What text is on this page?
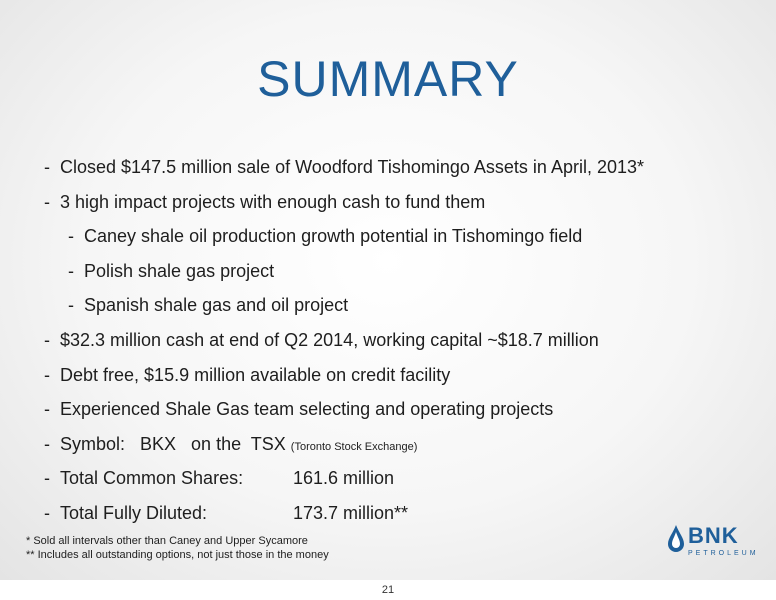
SUMMARY
- Closed $147.5 million sale of Woodford Tishomingo Assets in April, 2013*
- 3 high impact projects with enough cash to fund them
- Caney shale oil production growth potential in Tishomingo field
- Polish shale gas project
- Spanish shale gas and oil project
- $32.3 million cash at end of Q2 2014, working capital ~$18.7 million
- Debt free, $15.9 million available on credit facility
- Experienced Shale Gas team selecting and operating projects
- Symbol:   BKX   on the  TSX (Toronto Stock Exchange)
- Total Common Shares:	161.6 million
- Total Fully Diluted:	173.7 million**
* Sold all intervals other than Caney and Upper Sycamore
** Includes all outstanding options, not just those in the money
BNK
PETROLEUM
21
